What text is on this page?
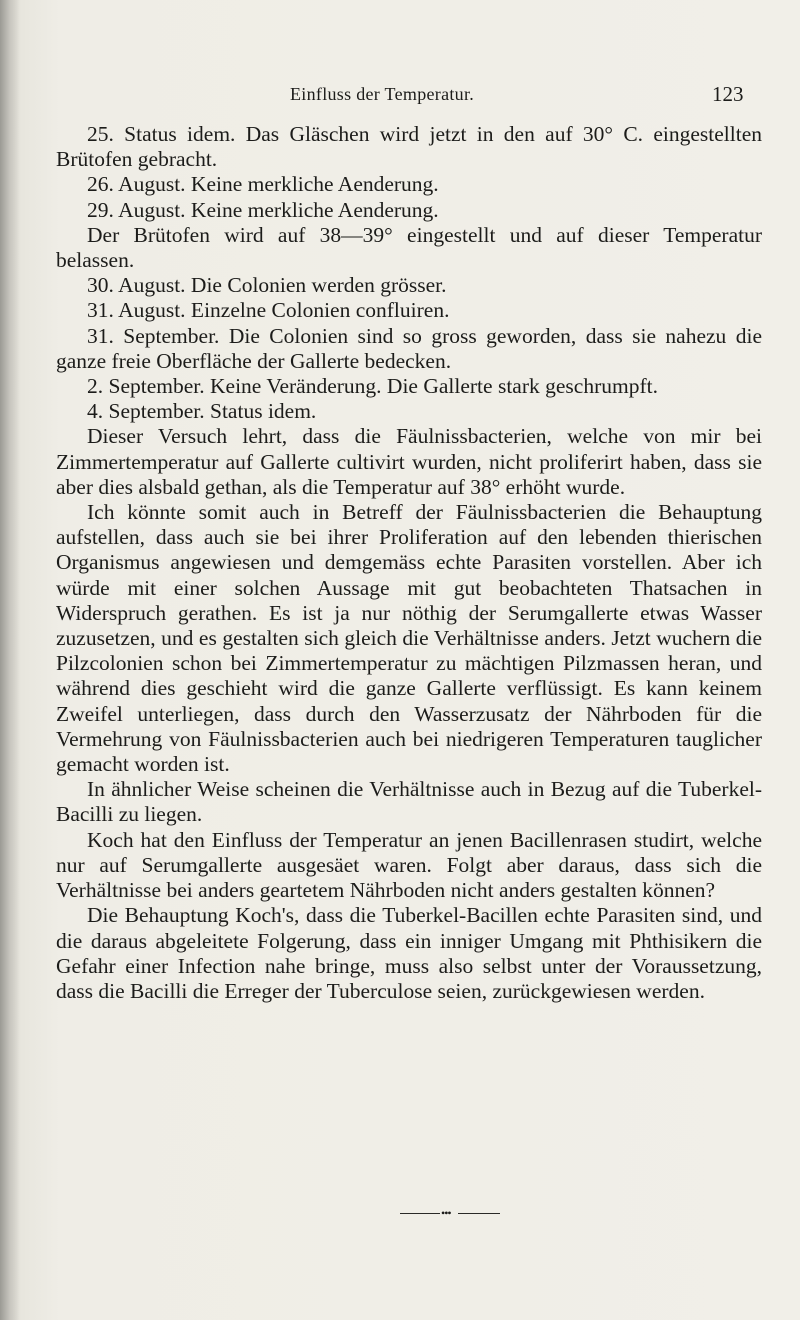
Einfluss der Temperatur.	123

25. Status idem. Das Gläschen wird jetzt in den auf 30° C. eingestellten Brütofen gebracht.

26. August. Keine merkliche Aenderung.

29. August. Keine merkliche Aenderung.

Der Brütofen wird auf 38—39° eingestellt und auf dieser Temperatur belassen.

30. August. Die Colonien werden grösser.

31. August. Einzelne Colonien confluiren.

31. September. Die Colonien sind so gross geworden, dass sie nahezu die ganze freie Oberfläche der Gallerte bedecken.

2. September. Keine Veränderung. Die Gallerte stark geschrumpft.

4. September. Status idem.

Dieser Versuch lehrt, dass die Fäulnissbacterien, welche von mir bei Zimmertemperatur auf Gallerte cultivirt wurden, nicht proliferirt haben, dass sie aber dies alsbald gethan, als die Temperatur auf 38° erhöht wurde.

Ich könnte somit auch in Betreff der Fäulnissbacterien die Behauptung aufstellen, dass auch sie bei ihrer Proliferation auf den lebenden thierischen Organismus angewiesen und demgemäss echte Parasiten vorstellen. Aber ich würde mit einer solchen Aussage mit gut beobachteten Thatsachen in Widerspruch gerathen. Es ist ja nur nöthig der Serumgallerte etwas Wasser zuzusetzen, und es gestalten sich gleich die Verhältnisse anders. Jetzt wuchern die Pilzcolonien schon bei Zimmertemperatur zu mächtigen Pilzmassen heran, und während dies geschieht wird die ganze Gallerte verflüssigt. Es kann keinem Zweifel unterliegen, dass durch den Wasserzusatz der Nährboden für die Vermehrung von Fäulnissbacterien auch bei niedrigeren Temperaturen tauglicher gemacht worden ist.

In ähnlicher Weise scheinen die Verhältnisse auch in Bezug auf die Tuberkel-Bacilli zu liegen.

Koch hat den Einfluss der Temperatur an jenen Bacillenrasen studirt, welche nur auf Serumgallerte ausgesäet waren. Folgt aber daraus, dass sich die Verhältnisse bei anders geartetem Nährboden nicht anders gestalten können?

Die Behauptung Koch's, dass die Tuberkel-Bacillen echte Parasiten sind, und die daraus abgeleitete Folgerung, dass ein inniger Umgang mit Phthisikern die Gefahr einer Infection nahe bringe, muss also selbst unter der Voraussetzung, dass die Bacilli die Erreger der Tuberculose seien, zurückgewiesen werden.

•••
